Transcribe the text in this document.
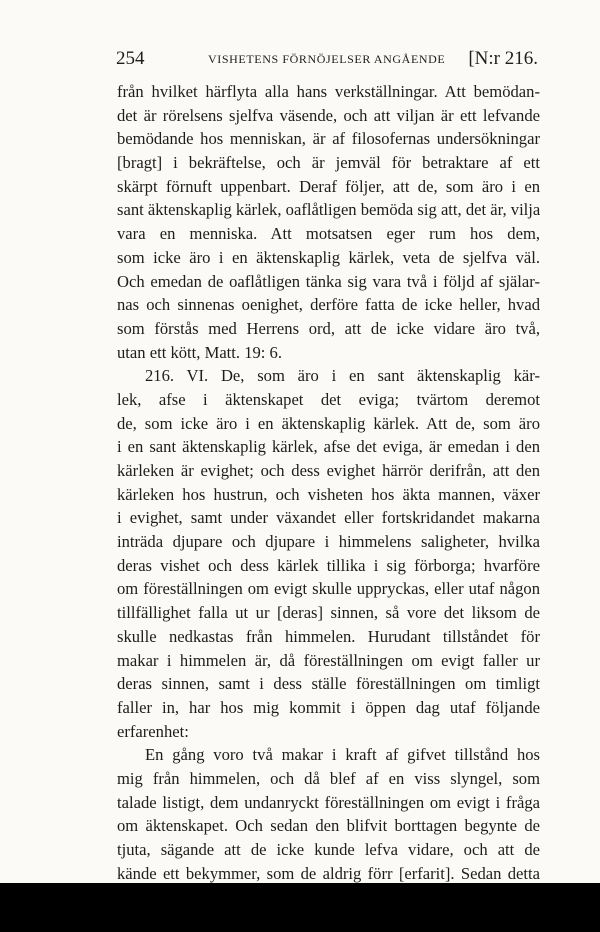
254	VISHETENS FÖRNÖJELSER ANGÅENDE [N:r 216.
från hvilket härflyta alla hans verkställningar. Att bemödan-
det är rörelsens sjelfva väsende, och att viljan är ett lefvande
bemödande hos menniskan, är af filosofernas undersökningar
[bragt] i bekräftelse, och är jemväl för betraktare af ett
skärpt förnuft uppenbart. Deraf följer, att de, som äro i en
sant äktenskaplig kärlek, oaflåtligen bemöda sig att, det är, vilja
vara en menniska. Att motsatsen eger rum hos dem,
som icke äro i en äktenskaplig kärlek, veta de sjelfva väl.
Och emedan de oaflåtligen tänka sig vara två i följd af själar-
nas och sinnenas oenighet, derföre fatta de icke heller, hvad
som förstås med Herrens ord, att de icke vidare äro två,
utan ett kött, Matt. 19: 6.
216. VI. De, som äro i en sant äktenskaplig kär-
lek, afse i äktenskapet det eviga; tvärtom deremot
de, som icke äro i en äktenskaplig kärlek. Att de, som äro
i en sant äktenskaplig kärlek, afse det eviga, är emedan i den
kärleken är evighet; och dess evighet härrör derifrån, att den
kärleken hos hustrun, och visheten hos äkta mannen, växer
i evighet, samt under växandet eller fortskridandet makarna
inträda djupare och djupare i himmelens saligheter, hvilka
deras vishet och dess kärlek tillika i sig förborga; hvarföre
om föreställningen om evigt skulle uppryckas, eller utaf någon
tillfällighet falla ut ur [deras] sinnen, så vore det liksom de
skulle nedkastas från himmelen. Hurudant tillståndet för
makar i himmelen är, då föreställningen om evigt faller ur
deras sinnen, samt i dess ställe föreställningen om timligt
faller in, har hos mig kommit i öppen dag utaf följande
erfarenhet:
En gång voro två makar i kraft af gifvet tillstånd hos
mig från himmelen, och då blef af en viss slyngel, som
talade listigt, dem undanryckt föreställningen om evigt i fråga
om äktenskapet. Och sedan den blifvit borttagen begynte de
tjuta, sägande att de icke kunde lefva vidare, och att de
kände ett bekymmer, som de aldrig förr [erfarit]. Sedan detta
